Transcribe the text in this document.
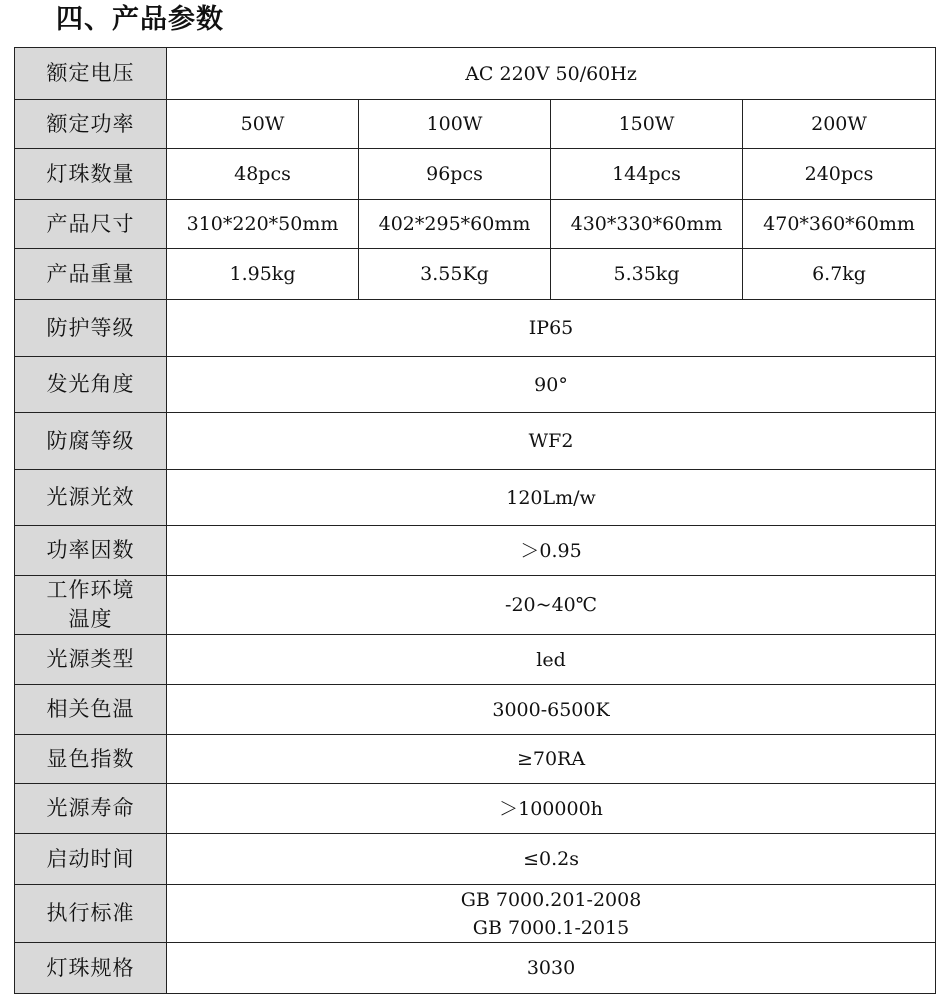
四、产品参数
额定电压	AC 220V 50/60Hz			
额定功率	50W	100W	150W	200W
灯珠数量	48pcs	96pcs	144pcs	240pcs
产品尺寸	310*220*50mm	402*295*60mm	430*330*60mm	470*360*60mm
产品重量	1.95kg	3.55Kg	5.35kg	6.7kg
防护等级	IP65			
发光角度	90°			
防腐等级	WF2			
光源光效	120Lm/w			
功率因数	＞0.95			

工作环境
温度	-20~40℃			
光源类型	led			
相关色温	3000-6500K			
显色指数	≥70RA			
光源寿命	＞100000h			
启动时间	≤0.2s			
执行标准	GB 7000.201-2008
GB 7000.1-2015			

灯珠规格	3030			
